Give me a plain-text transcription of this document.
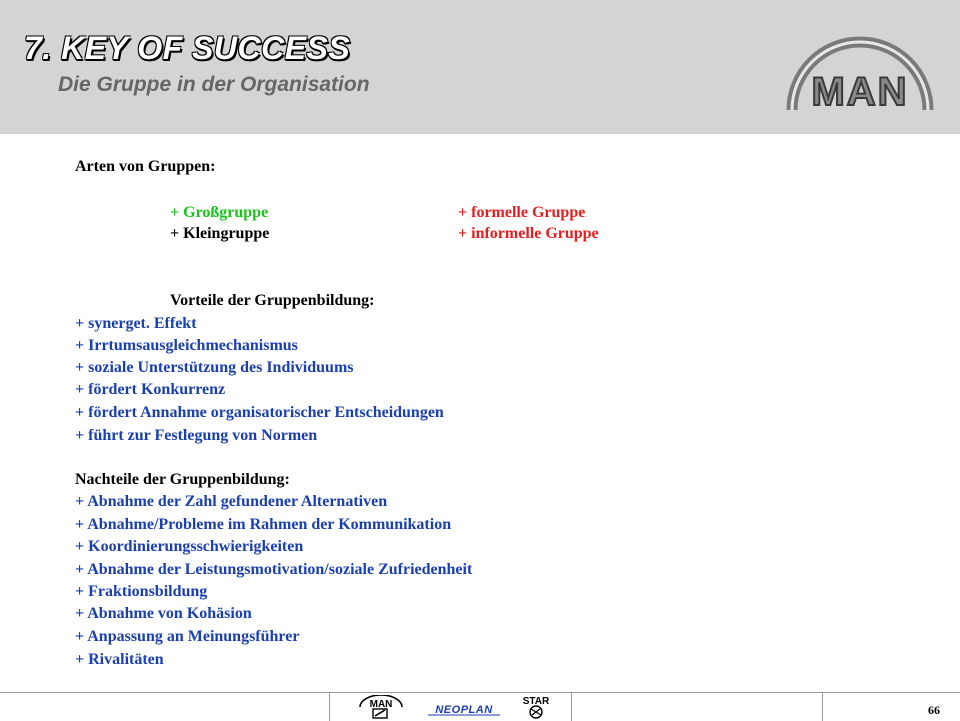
7. KEY OF SUCCESS
Die Gruppe in der Organisation	MAN
Arten von Gruppen:
+ Großgruppe
+ Kleingruppe
+ formelle Gruppe
+ informelle Gruppe
Vorteile der Gruppenbildung:
+ synerget. Effekt
+ Irrtumsausgleichmechanismus
+ soziale Unterstützung des Individuums
+ fördert Konkurrenz
+ fördert Annahme organisatorischer Entscheidungen
+ führt zur Festlegung von Normen
Nachteile der Gruppenbildung:
+ Abnahme der Zahl gefundener Alternativen
+ Abnahme/Probleme im Rahmen der Kommunikation
+ Koordinierungsschwierigkeiten
+ Abnahme der Leistungsmotivation/soziale Zufriedenheit
+ Fraktionsbildung
+ Abnahme von Kohäsion
+ Anpassung an Meinungsführer
+ Rivalitäten
MAN	NEOPLAN
STAR
66
